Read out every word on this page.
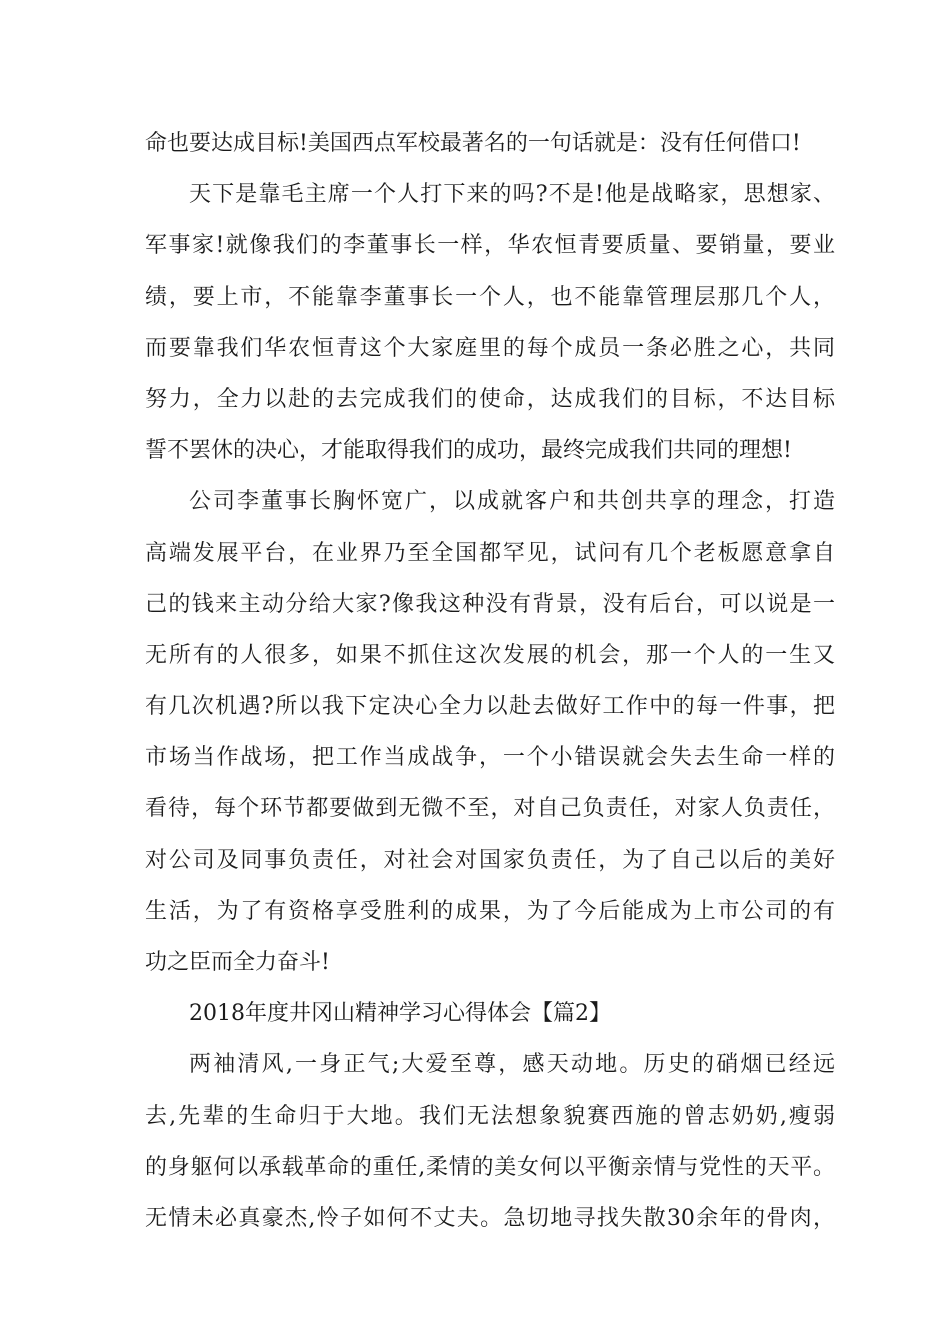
命也要达成目标!美国西点军校最著名的一句话就是：没有任何借口!
天下是靠毛主席一个人打下来的吗?不是!他是战略家，思想家、
军事家!就像我们的李董事长一样，华农恒青要质量、要销量，要业
绩，要上市，不能靠李董事长一个人，也不能靠管理层那几个人，
而要靠我们华农恒青这个大家庭里的每个成员一条必胜之心，共同
努力，全力以赴的去完成我们的使命，达成我们的目标，不达目标
誓不罢休的决心，才能取得我们的成功，最终完成我们共同的理想!
公司李董事长胸怀宽广，以成就客户和共创共享的理念，打造
高端发展平台，在业界乃至全国都罕见，试问有几个老板愿意拿自
己的钱来主动分给大家?像我这种没有背景，没有后台，可以说是一
无所有的人很多，如果不抓住这次发展的机会，那一个人的一生又
有几次机遇?所以我下定决心全力以赴去做好工作中的每一件事，把
市场当作战场，把工作当成战争，一个小错误就会失去生命一样的
看待，每个环节都要做到无微不至，对自己负责任，对家人负责任，
对公司及同事负责任，对社会对国家负责任，为了自己以后的美好
生活，为了有资格享受胜利的成果，为了今后能成为上市公司的有
功之臣而全力奋斗!
2018年度井冈山精神学习心得体会【篇2】
两袖清风,一身正气;大爱至尊，感天动地。历史的硝烟已经远
去,先辈的生命归于大地。我们无法想象貌赛西施的曾志奶奶,瘦弱
的身躯何以承载革命的重任,柔情的美女何以平衡亲情与党性的天平。
无情未必真豪杰,怜子如何不丈夫。急切地寻找失散30余年的骨肉，
